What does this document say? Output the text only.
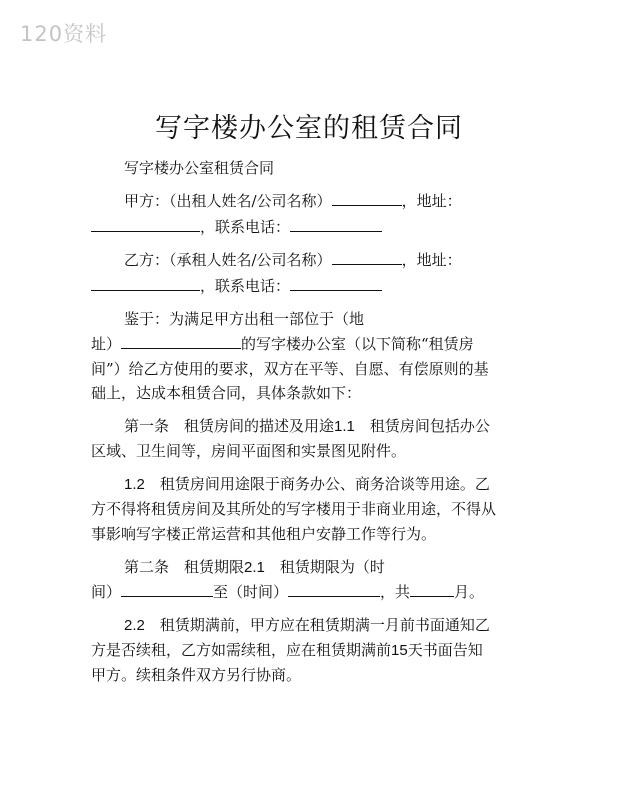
120资料
写字楼办公室的租赁合同
写字楼办公室租赁合同
甲方：（出租人姓名/公司名称）	，地址：
，联系电话：
乙方：（承租人姓名/公司名称）	，地址：
，联系电话：
鉴于：为满足甲方出租一部位于（地
址）	的写字楼办公室（以下简称“租赁房
间”）给乙方使用的要求，双方在平等、自愿、有偿原则的基
础上，达成本租赁合同，具体条款如下：
第一条　租赁房间的描述及用途1.1　租赁房间包括办公
区域、卫生间等，房间平面图和实景图见附件。
1.2　租赁房间用途限于商务办公、商务洽谈等用途。乙
方不得将租赁房间及其所处的写字楼用于非商业用途，不得从
事影响写字楼正常运营和其他租户安静工作等行为。
第二条　租赁期限2.1　租赁期限为（时
间）	至（时间）	，共	月。
2.2　租赁期满前，甲方应在租赁期满一月前书面通知乙
方是否续租，乙方如需续租，应在租赁期满前15天书面告知
甲方。续租条件双方另行协商。
